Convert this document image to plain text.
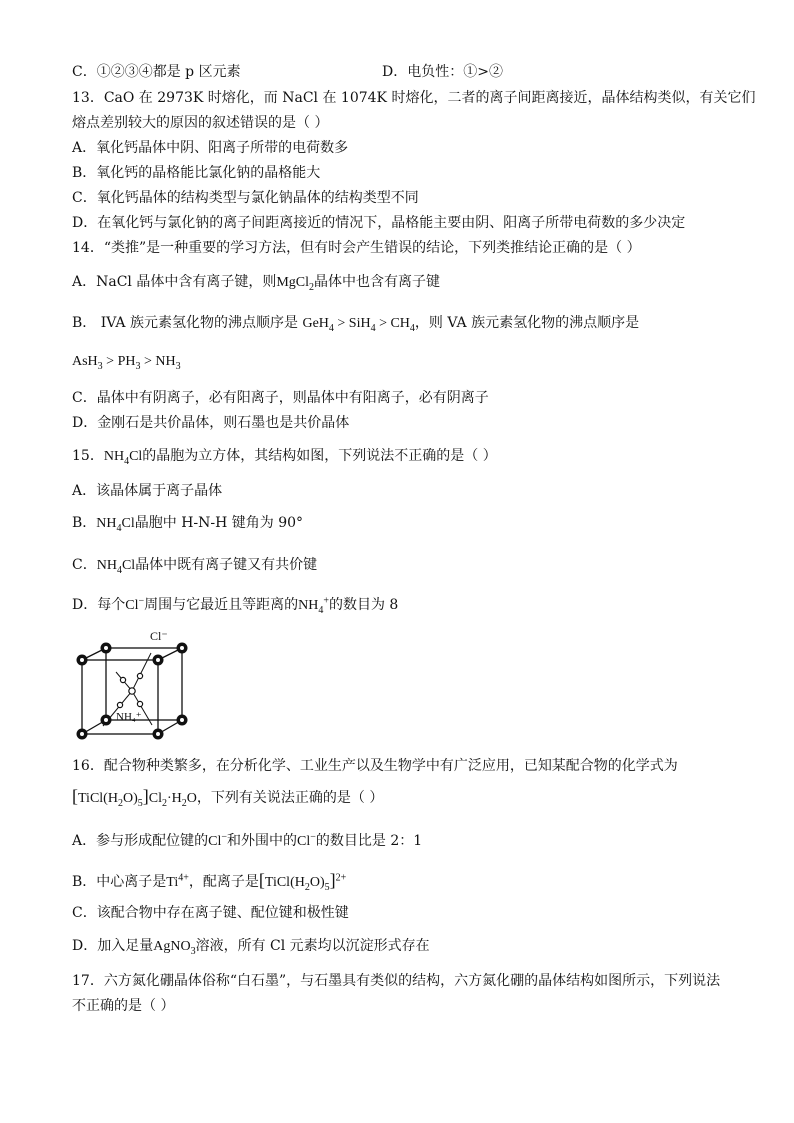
C．①②③④都是 p 区元素	D．电负性：①>②
13．CaO 在 2973K 时熔化，而 NaCl 在 1074K 时熔化，二者的离子间距离接近，晶体结构类似，有关它们
熔点差别较大的原因的叙述错误的是（ ）
A．氧化钙晶体中阴、阳离子所带的电荷数多
B．氧化钙的晶格能比氯化钠的晶格能大
C．氧化钙晶体的结构类型与氯化钠晶体的结构类型不同
D．在氧化钙与氯化钠的离子间距离接近的情况下，晶格能主要由阴、阳离子所带电荷数的多少决定
14．“类推”是一种重要的学习方法，但有时会产生错误的结论，下列类推结论正确的是（ ）
A．NaCl 晶体中含有离子键，则MgCl$_2$晶体中也含有离子键
B． IVA 族元素氢化物的沸点顺序是 $GeH_4 > SiH_4 > CH_4$，则 VA 族元素氢化物的沸点顺序是
$AsH_3 > PH_3 > NH_3$
C．晶体中有阴离子，必有阳离子，则晶体中有阳离子，必有阴离子
D．金刚石是共价晶体，则石墨也是共价晶体
15．$NH_4Cl$的晶胞为立方体，其结构如图，下列说法不正确的是（ ）
A．该晶体属于离子晶体
B．$NH_4Cl$晶胞中 H-N-H 键角为 90°
C．$NH_4Cl$晶体中既有离子键又有共价键
D．每个Cl−周围与它最近且等距离的$NH_4^+$的数目为 8
Cl⁻
NH₄⁺
16．配合物种类繁多，在分析化学、工业生产以及生物学中有广泛应用，已知某配合物的化学式为
$[TiCl(H_2O)_5]Cl_2\cdot H_2O$，下列有关说法正确的是（ ）
A．参与形成配位键的Cl−和外围中的Cl−的数目比是 2：1
B．中心离子是$Ti^{4+}$，配离子是$[TiCl(H_2O)_5]^{2+}$
C．该配合物中存在离子键、配位键和极性键
D．加入足量AgNO$_3$溶液，所有 Cl 元素均以沉淀形式存在
17．六方氮化硼晶体俗称“白石墨”，与石墨具有类似的结构，六方氮化硼的晶体结构如图所示，下列说法
不正确的是（ ）
